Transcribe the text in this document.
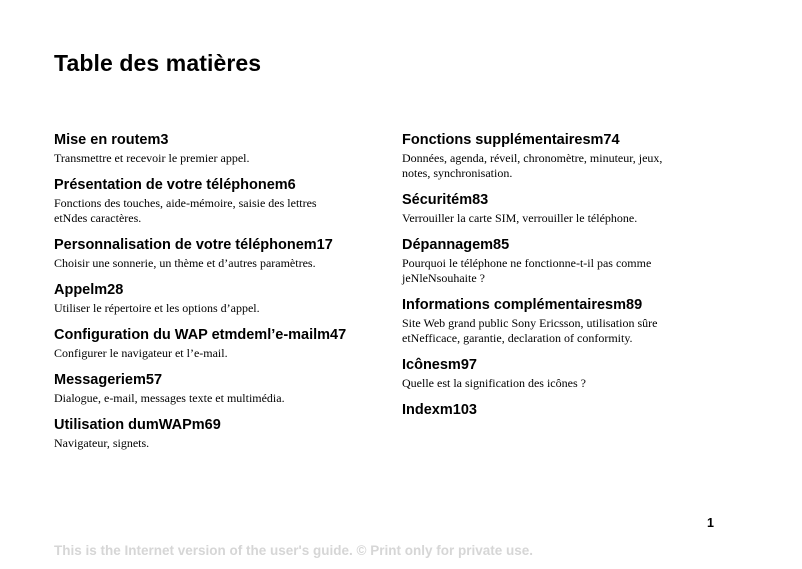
Table des matières
Mise en routem3
Transmettre et recevoir le premier appel.
Présentation de votre téléphonem6
Fonctions des touches, aide-mémoire, saisie des lettres
etNdes caractères.
Personnalisation de votre téléphonem17
Choisir une sonnerie, un thème et d’autres paramètres.
Appelm28
Utiliser le répertoire et les options d’appel.
Configuration du WAP etmdeml’e-mailm47
Configurer le navigateur et l’e-mail.
Messageriem57
Dialogue, e-mail, messages texte et multimédia.
Utilisation dumWAPm69
Navigateur, signets.
Fonctions supplémentairesm74
Données, agenda, réveil, chronomètre, minuteur, jeux,
notes, synchronisation.
Sécuritém83
Verrouiller la carte SIM, verrouiller le téléphone.
Dépannagem85
Pourquoi le téléphone ne fonctionne-t-il pas comme
jeNleNsouhaite ?
Informations complémentairesm89
Site Web grand public Sony Ericsson, utilisation sûre
etNefficace, garantie, declaration of conformity.
Icônesm97
Quelle est la signification des icônes ?
Indexm103
1
This is the Internet version of the user's guide. © Print only for private use.
